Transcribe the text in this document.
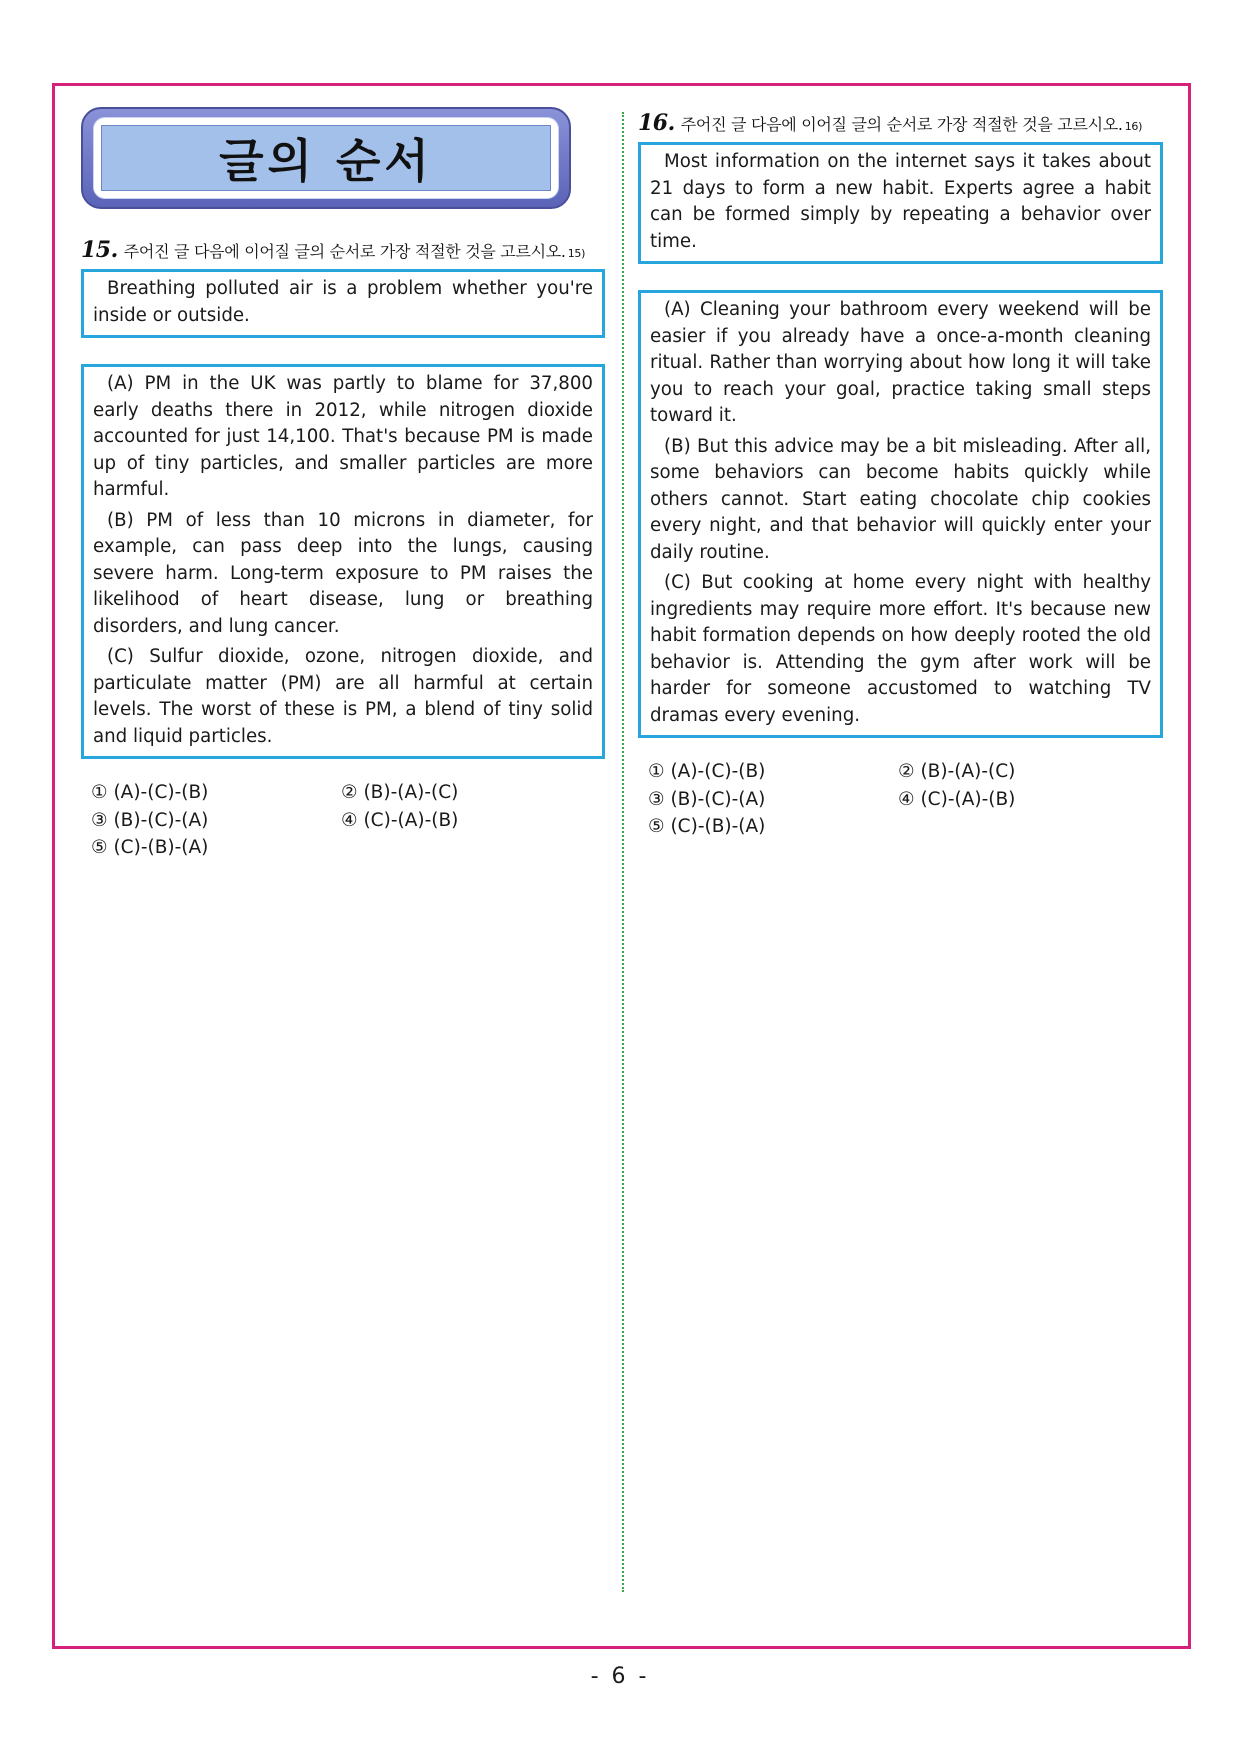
글의 순서
15. 주어진 글 다음에 이어질 글의 순서로 가장 적절한 것을 고르시오. 15)

Breathing polluted air is a problem whether you're inside or outside.

(A) PM in the UK was partly to blame for 37,800 early deaths there in 2012, while nitrogen dioxide accounted for just 14,100. That's because PM is made up of tiny particles, and smaller particles are more harmful.

(B) PM of less than 10 microns in diameter, for example, can pass deep into the lungs, causing severe harm. Long-term exposure to PM raises the likelihood of heart disease, lung or breathing disorders, and lung cancer.

(C) Sulfur dioxide, ozone, nitrogen dioxide, and particulate matter (PM) are all harmful at certain levels. The worst of these is PM, a blend of tiny solid and liquid particles.

① (A)-(C)-(B)	② (B)-(A)-(C)
③ (B)-(C)-(A)	④ (C)-(A)-(B)
⑤ (C)-(B)-(A)
16. 주어진 글 다음에 이어질 글의 순서로 가장 적절한 것을 고르시오. 16)

Most information on the internet says it takes about 21 days to form a new habit. Experts agree a habit can be formed simply by repeating a behavior over time.

(A) Cleaning your bathroom every weekend will be easier if you already have a once-a-month cleaning ritual. Rather than worrying about how long it will take you to reach your goal, practice taking small steps toward it.

(B) But this advice may be a bit misleading. After all, some behaviors can become habits quickly while others cannot. Start eating chocolate chip cookies every night, and that behavior will quickly enter your daily routine.

(C) But cooking at home every night with healthy ingredients may require more effort. It's because new habit formation depends on how deeply rooted the old behavior is. Attending the gym after work will be harder for someone accustomed to watching TV dramas every evening.

① (A)-(C)-(B)	② (B)-(A)-(C)
③ (B)-(C)-(A)	④ (C)-(A)-(B)
⑤ (C)-(B)-(A)
- 6 -
